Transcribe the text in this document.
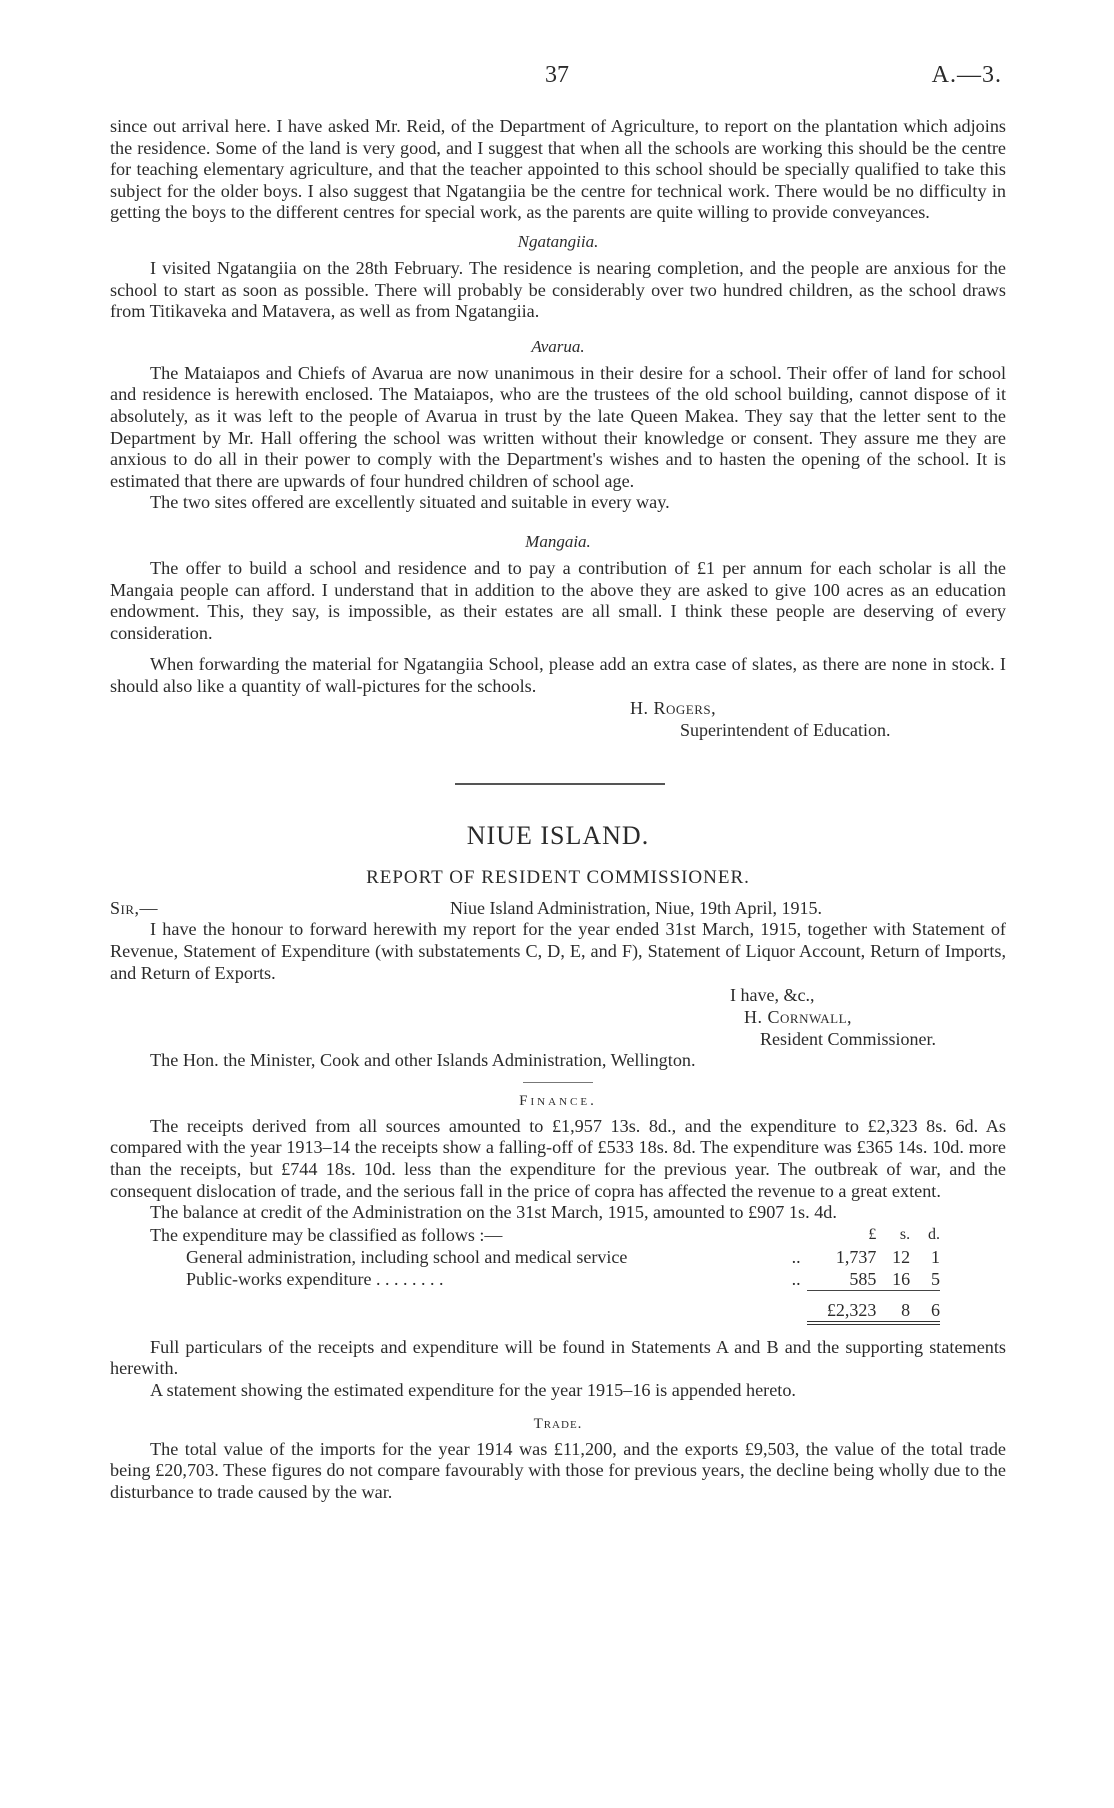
37	A.—3.

since out arrival here. I have asked Mr. Reid, of the Department of Agriculture, to report on the plantation which adjoins the residence. Some of the land is very good, and I suggest that when all the schools are working this should be the centre for teaching elementary agriculture, and that the teacher appointed to this school should be specially qualified to take this subject for the older boys. I also suggest that Ngatangiia be the centre for technical work. There would be no difficulty in getting the boys to the different centres for special work, as the parents are quite willing to provide conveyances.

Ngatangiia.

I visited Ngatangiia on the 28th February. The residence is nearing completion, and the people are anxious for the school to start as soon as possible. There will probably be considerably over two hundred children, as the school draws from Titikaveka and Matavera, as well as from Ngatangiia.

Avarua.

The Mataiapos and Chiefs of Avarua are now unanimous in their desire for a school. Their offer of land for school and residence is herewith enclosed. The Mataiapos, who are the trustees of the old school building, cannot dispose of it absolutely, as it was left to the people of Avarua in trust by the late Queen Makea. They say that the letter sent to the Department by Mr. Hall offering the school was written without their knowledge or consent. They assure me they are anxious to do all in their power to comply with the Department's wishes and to hasten the opening of the school. It is estimated that there are upwards of four hundred children of school age.

The two sites offered are excellently situated and suitable in every way.

Mangaia.

The offer to build a school and residence and to pay a contribution of £1 per annum for each scholar is all the Mangaia people can afford. I understand that in addition to the above they are asked to give 100 acres as an education endowment. This, they say, is impossible, as their estates are all small. I think these people are deserving of every consideration.

When forwarding the material for Ngatangiia School, please add an extra case of slates, as there are none in stock. I should also like a quantity of wall-pictures for the schools.

H. Rogers,
Superintendent of Education.
NIUE ISLAND.
REPORT OF RESIDENT COMMISSIONER.
Sir,—	Niue Island Administration, Niue, 19th April, 1915.

I have the honour to forward herewith my report for the year ended 31st March, 1915, together with Statement of Revenue, Statement of Expenditure (with substatements C, D, E, and F), Statement of Liquor Account, Return of Imports, and Return of Exports.

I have, &c.,
H. Cornwall,
Resident Commissioner.

The Hon. the Minister, Cook and other Islands Administration, Wellington.

Finance.

The receipts derived from all sources amounted to £1,957 13s. 8d., and the expenditure to £2,323 8s. 6d. As compared with the year 1913–14 the receipts show a falling-off of £533 18s. 8d. The expenditure was £365 14s. 10d. more than the receipts, but £744 18s. 10d. less than the expenditure for the previous year. The outbreak of war, and the consequent dislocation of trade, and the serious fall in the price of copra has affected the revenue to a great extent.

The balance at credit of the Administration on the 31st March, 1915, amounted to £907 1s. 4d.

The expenditure may be classified as follows :—		£	s.	d.
General administration, including school and medical service	..	1,737	12	1
Public-works expenditure . . . . . . . .	..	585	16	5
		£2,323	8	6

Full particulars of the receipts and expenditure will be found in Statements A and B and the supporting statements herewith.

A statement showing the estimated expenditure for the year 1915–16 is appended hereto.

Trade.

The total value of the imports for the year 1914 was £11,200, and the exports £9,503, the value of the total trade being £20,703. These figures do not compare favourably with those for previous years, the decline being wholly due to the disturbance to trade caused by the war.
